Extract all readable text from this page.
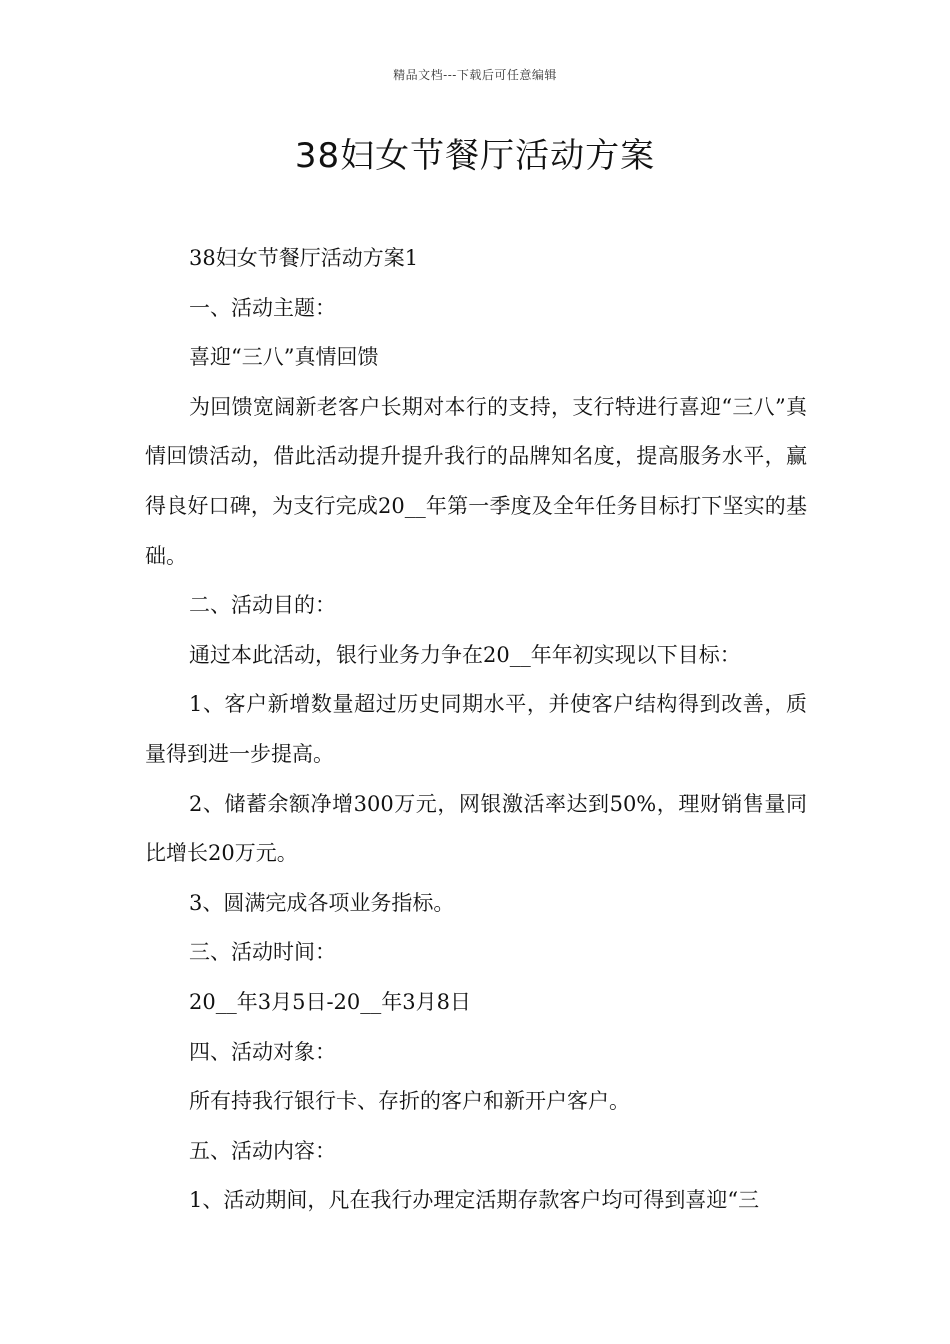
精品文档---下载后可任意编辑
38妇女节餐厅活动方案

38妇女节餐厅活动方案1

一、活动主题：

喜迎“三八”真情回馈

为回馈宽阔新老客户长期对本行的支持，支行特进行喜迎“三八”真情回馈活动，借此活动提升提升我行的品牌知名度，提高服务水平，赢得良好口碑，为支行完成20__年第一季度及全年任务目标打下坚实的基础。

二、活动目的：

通过本此活动，银行业务力争在20__年年初实现以下目标：

1、客户新增数量超过历史同期水平，并使客户结构得到改善，质量得到进一步提高。

2、储蓄余额净增300万元，网银激活率达到50%，理财销售量同比增长20万元。

3、圆满完成各项业务指标。

三、活动时间：

20__年3月5日-20__年3月8日

四、活动对象：

所有持我行银行卡、存折的客户和新开户客户。

五、活动内容：

1、活动期间，凡在我行办理定活期存款客户均可得到喜迎“三
